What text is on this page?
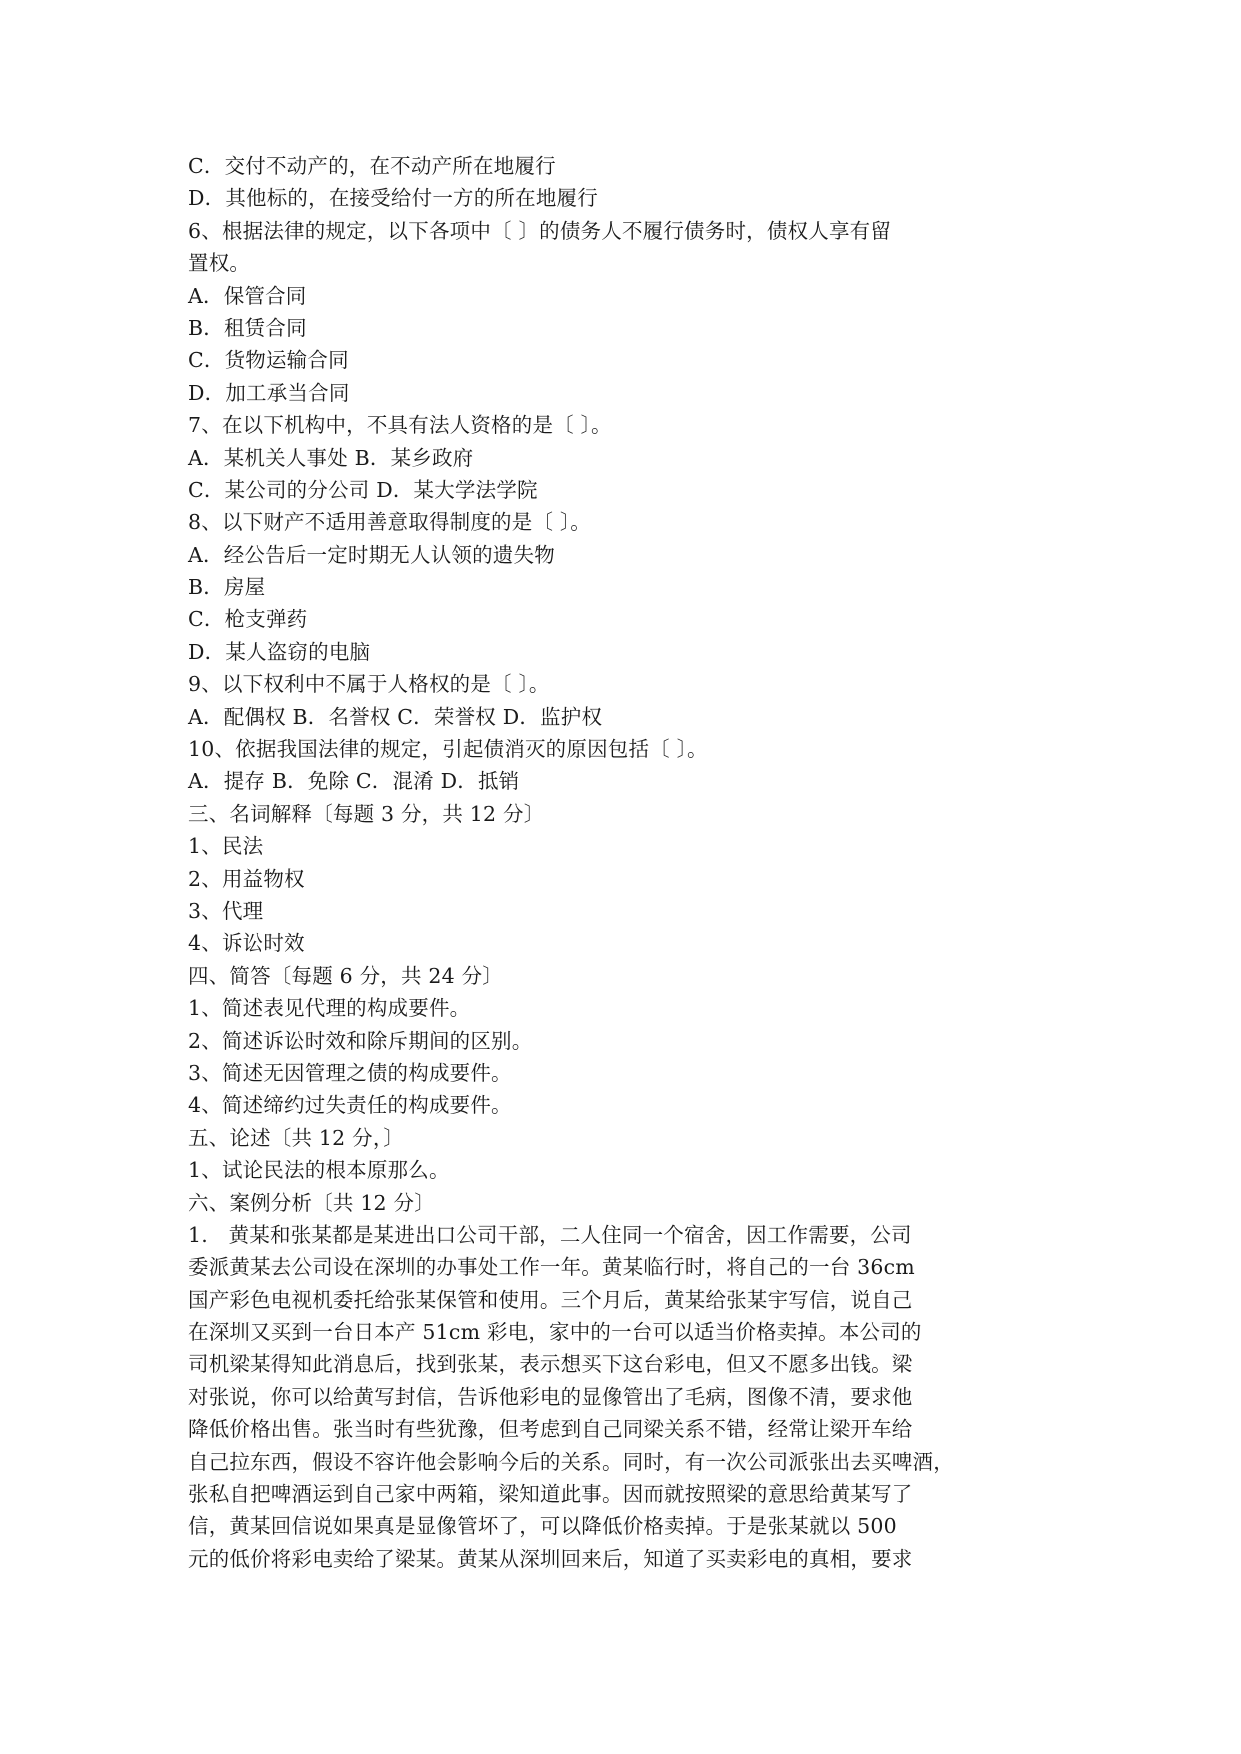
C．交付不动产的，在不动产所在地履行
D．其他标的，在接受给付一方的所在地履行
6、根据法律的规定，以下各项中〔 〕的债务人不履行债务时，债权人享有留
置权。
A．保管合同
B．租赁合同
C．货物运输合同
D．加工承当合同
7、在以下机构中，不具有法人资格的是〔 〕。
A．某机关人事处 B．某乡政府
C．某公司的分公司 D．某大学法学院
8、以下财产不适用善意取得制度的是〔 〕。
A．经公告后一定时期无人认领的遗失物
B．房屋
C．枪支弹药
D．某人盗窃的电脑
9、以下权利中不属于人格权的是〔 〕。
A．配偶权 B．名誉权 C．荣誉权 D．监护权
10、依据我国法律的规定，引起债消灭的原因包括〔 〕。
A．提存 B．免除 C．混淆 D．抵销
三、名词解释〔每题 3 分，共 12 分〕
1、民法
2、用益物权
3、代理
4、诉讼时效
四、简答〔每题 6 分，共 24 分〕
1、简述表见代理的构成要件。
2、简述诉讼时效和除斥期间的区别。
3、简述无因管理之债的构成要件。
4、简述缔约过失责任的构成要件。
五、论述〔共 12 分，〕
1、试论民法的根本原那么。
六、案例分析〔共 12 分〕
1.　黄某和张某都是某进出口公司干部，二人住同一个宿舍，因工作需要，公司
委派黄某去公司设在深圳的办事处工作一年。黄某临行时，将自己的一台 36cm
国产彩色电视机委托给张某保管和使用。三个月后，黄某给张某宇写信，说自己
在深圳又买到一台日本产 51cm 彩电，家中的一台可以适当价格卖掉。本公司的
司机梁某得知此消息后，找到张某，表示想买下这台彩电，但又不愿多出钱。梁
对张说，你可以给黄写封信，告诉他彩电的显像管出了毛病，图像不清，要求他
降低价格出售。张当时有些犹豫，但考虑到自己同梁关系不错，经常让梁开车给
自己拉东西，假设不容许他会影响今后的关系。同时，有一次公司派张出去买啤酒，
张私自把啤酒运到自己家中两箱，梁知道此事。因而就按照梁的意思给黄某写了
信，黄某回信说如果真是显像管坏了，可以降低价格卖掉。于是张某就以 500
元的低价将彩电卖给了梁某。黄某从深圳回来后，知道了买卖彩电的真相，要求
